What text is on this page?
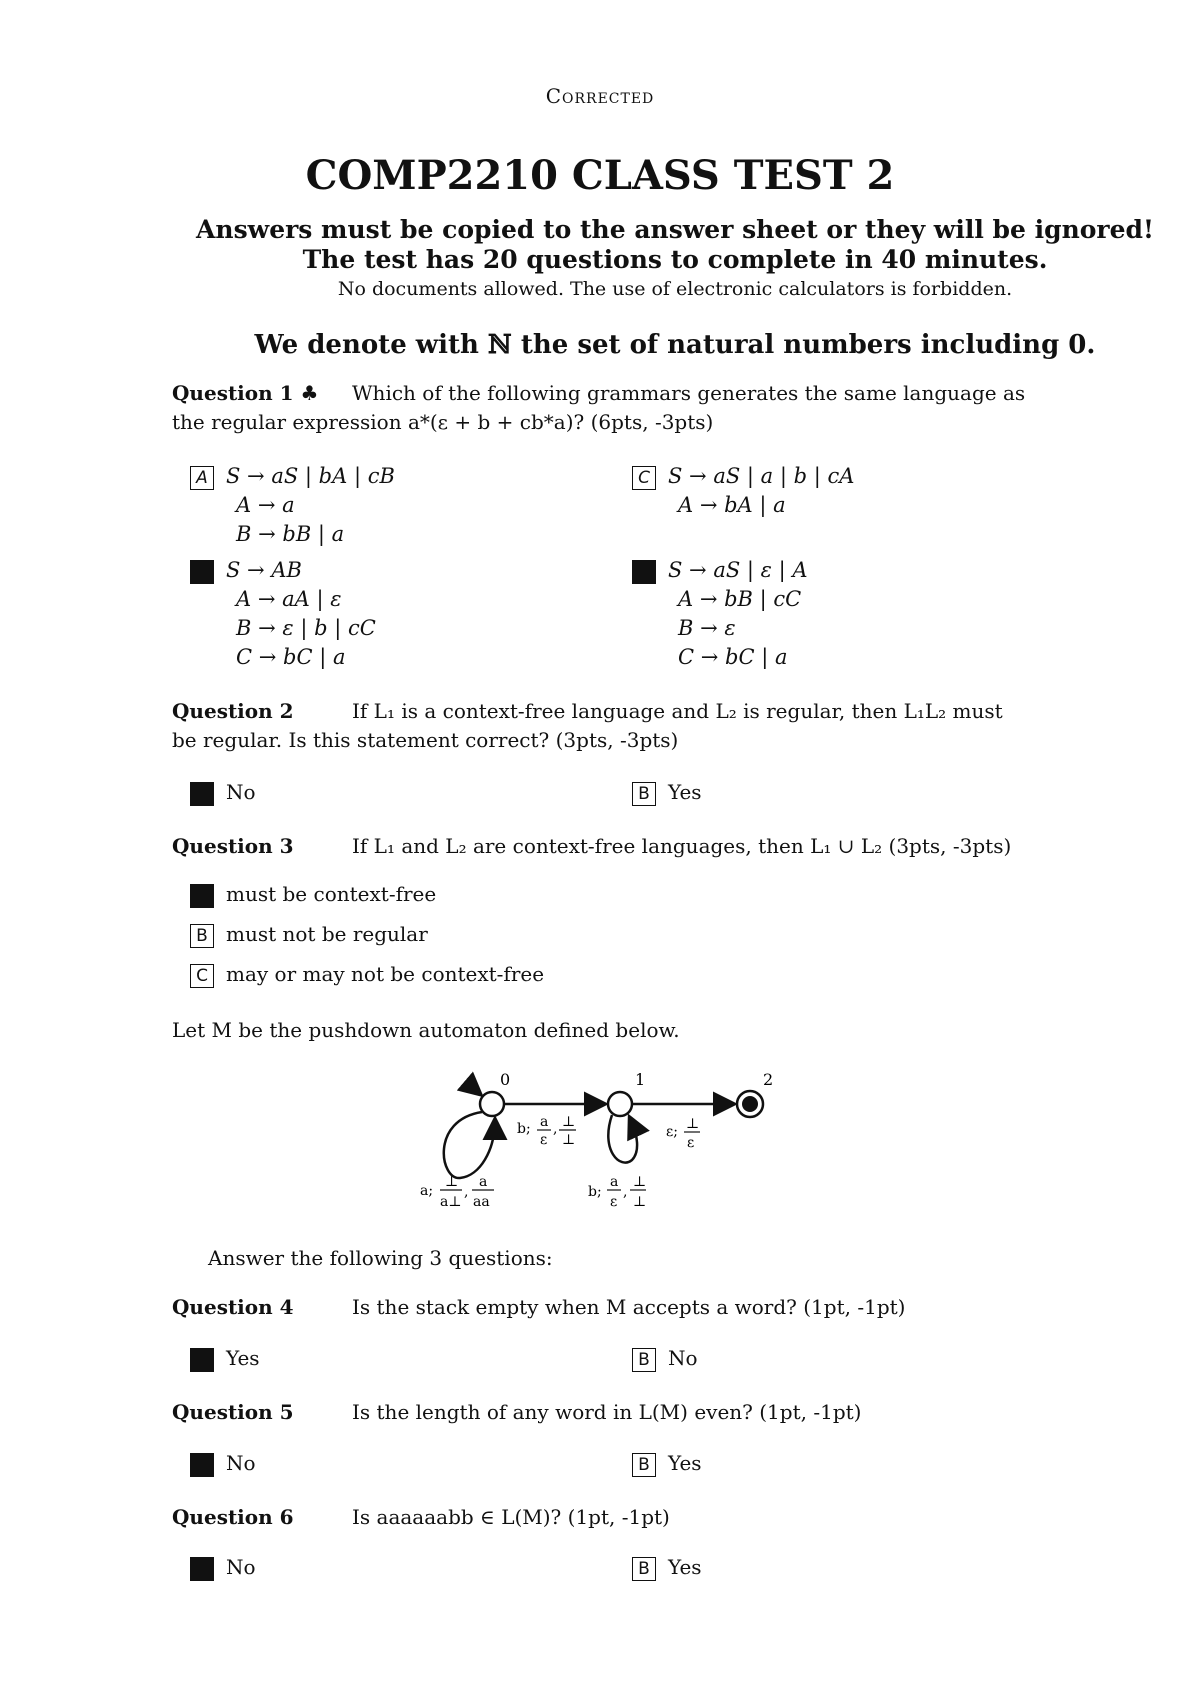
Corrected
COMP2210 CLASS TEST 2
Answers must be copied to the answer sheet or they will be ignored!
The test has 20 questions to complete in 40 minutes.
No documents allowed. The use of electronic calculators is forbidden.
We denote with ℕ the set of natural numbers including 0.
Question 1 ♣ Which of the following grammars generates the same language as
the regular expression a*(ε + b + cb*a)? (6pts, -3pts)
A S → aS | bA | cB
A → a
B → bB | a
C S → aS | a | b | cA
A → bA | a
S → AB
A → aA | ε
B → ε | b | cC
C → bC | a
S → aS | ε | A
A → bB | cC
B → ε
C → bC | a
Question 2	If L₁ is a context-free language and L₂ is regular, then L₁L₂ must
be regular. Is this statement correct? (3pts, -3pts)
No	B Yes
Question 3	If L₁ and L₂ are context-free languages, then L₁ ∪ L₂ (3pts, -3pts)
must be context-free
B must not be regular
C may or may not be context-free
Let M be the pushdown automaton defined below.
0	1	2
b; a
ε
, ⊥
⊥	ε; ⊥
ε
a;
⊥
a⊥
,
a
aa
b;
a
ε
,
⊥
⊥
Answer the following 3 questions:
Question 4	Is the stack empty when M accepts a word? (1pt, -1pt)
Yes	B No
Question 5	Is the length of any word in L(M) even? (1pt, -1pt)
No	B Yes
Question 6	Is aaaaaabb ∈ L(M)? (1pt, -1pt)
No	B Yes
